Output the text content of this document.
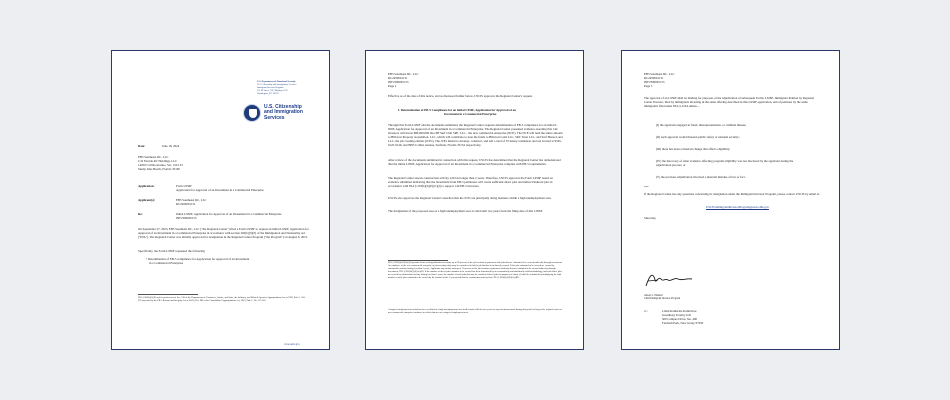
U.S. Department of Homeland Security
U.S. Citizenship and Immigration Services
Immigrant Investor Program
131 M Street, NE, Mailstop 2235
Washington, DC 20529
U.S. Citizenship
and Immigration
Services
Date:	June 18, 2024
EB5 Southeast RC, LLC
C/O Florida RC Holdings, LLC
14050 Collins Avenue, Ste. 132/133
Sunny Isles Beach, Florida 33160
Application:	Form I-956F
Application for Approval of an Investment in a Commercial Enterprise
Applicant(s):	EB5 Southeast RC, LLC
RC2200001131
Re:	Initial I-956F, Application for Approval of an Investment in a Commercial Enterprise
INF2300005153

On September 27, 2023, EB5 Southeast RC, LLC ("the Regional Center") filed a Form I-956F to request an initial I-956F, Application for Approval of an Investment in a Commercial Enterprise in accordance with section 203(b)(5)(F) of the Immigration and Nationality Act ("INA"). The Regional Center was initially approved for designation in the Regional Center Program ("the Program") on August 6, 2015.

Specifically, the Form I-956F requested the following:

• Determination of EB-5 compliance for Application for Approval of an Investment
in a Commercial Enterprise

INA § 203(b)(5)(E) and its predecessor at Sec. 610 of the Departments of Commerce, Justice, and State, the Judiciary, and Related Agencies Appropriations Act of 1993, Pub. L. 102-395 (repealed by the EB-5 Reform and Integrity Act of 2022), Div. BB of the Consolidated Appropriations Act, 2022, Pub. L. No. 117-103.

www.uscis.gov
EB5 Southeast RC, LLC
RC2200001131
INF2300005153
Page 2

Effective as of the date of this notice, and as discussed further below, USCIS approves the Regional Center's request.

I. Determination of EB-5 Compliance for an initial I-956F, Application for Approval of an
Investment in a Commercial Enterprise

Through this Form I-956F and the documents submitted, the Regional Center requests determination of EB-5 compliance for an initial I-956F, Application for Approval of an Investment in a Commercial Enterprise. The Regional Center presented evidence asserting that 144 investors will invest $80,000,000 into PB Surf Club SPE, LLC - the new commercial enterprise (NCE). The NCE will lend the entire amount to Hillcrest Property Acquisition, LLC, which will contribute to loan the funds to Hillcrest Land LLC, SRC Trust LLC, and Surf House Land LLC, the job creating entities (JCEs). The JCEs intend to develop, construct, and sell a total of 55 luxury residences and are located at 9565, 9125-9149, and 8995 Collins Avenue, Surfside, Florida 33154 respectively.

After review of the documents submitted in connection with this request, USCIS has determined that the Regional Center has demonstrated that the initial I-956F, Application for Approval of an Investment in a Commercial Enterprise complies with EB-5 requirements.

The Regional Center asserts construction activity will last longer than 2 years. Therefore, USCIS approves the Form I-956F based on evidence submitted indicating that the investment from EB-5 petitioners will create sufficient direct jobs and indirect/induced jobs in accordance with INA § 203(b)(5)(E)(iv)(I) to support 144 EB-5 investors.

USCIS also approves the Regional Center's assertion that the JCEs are principally doing business within a high unemployment area.

The designation of the proposed area as a high unemployment area is valid until two years from the filing date of this I-956F.

INA § 203(b)(5)(E)(iv)(I) permits aliens seeking admission to satisfy up to 90 percent of the job creation requirement with jobs that are estimated to be created indirectly through investment. An employee of the new commercial enterprise or job-creating entity may be considered to hold a job that has been directly created. If the jobs estimated to be created are created by construction activity lasting less than 2 years, Applicants may satisfy only up to 75 percent of the job creation requirement with jobs that are estimated to be created indirectly through investment. INA § 203(b)(5)(E)(iv)(II). If the number of direct jobs estimated to be created has been determined by an economically and statistically valid methodology, and such direct jobs are created by construction activity lasting less than 2 years, the number of such jobs that may be considered direct jobs for purposes of clause (i) shall be calculated by multiplying the total number of such jobs estimated to be created by the fraction of the 2-year period that the construction activity lasts. INA § 203(b)(5)(E)(iv)(III).

A targeted employment area that has been certified as a high unemployment area shall remain valid for two years for any investment made during that period as long as the regional center or new commercial enterprise continues to reflect that area as a targeted employment area.

EB5 Southeast RC, LLC
RC2200001131
INF2300005153
Page 3

The approval of an I-956F shall be binding for purposes of the adjudication of subsequent Forms I-526E, Immigrant Petition by Regional Center Investor, filed by immigrants investing in the same offering described in this I-956F application, and of petitions by the same immigrants filed under INA § 216A unless—

(I) the applicant engaged in fraud, misrepresentation, or criminal misuse;

(II) such approval would threaten public safety or national security;

(III) there has been a material change that affects eligibility;

(IV) the discovery of other evidence affecting program eligibility was not disclosed by the applicant during the adjudication process; or

(V) the previous adjudication involved a material mistake of law or fact.

***

If the Regional Center has any questions concerning its designation under the Immigrant Investor Program, please contact USCIS by email at:

USCIS.ImmigrantInvestorProgram@uscis.dhs.gov
Sincerely,
Alison L. Emmett
Chief Immigrant Investor Program
cc:	Lilian Katherine Kalinchow
Greenberg Traurig LLP
500 Campus Drive, Ste. 400
Florham Park, New Jersey 07932
